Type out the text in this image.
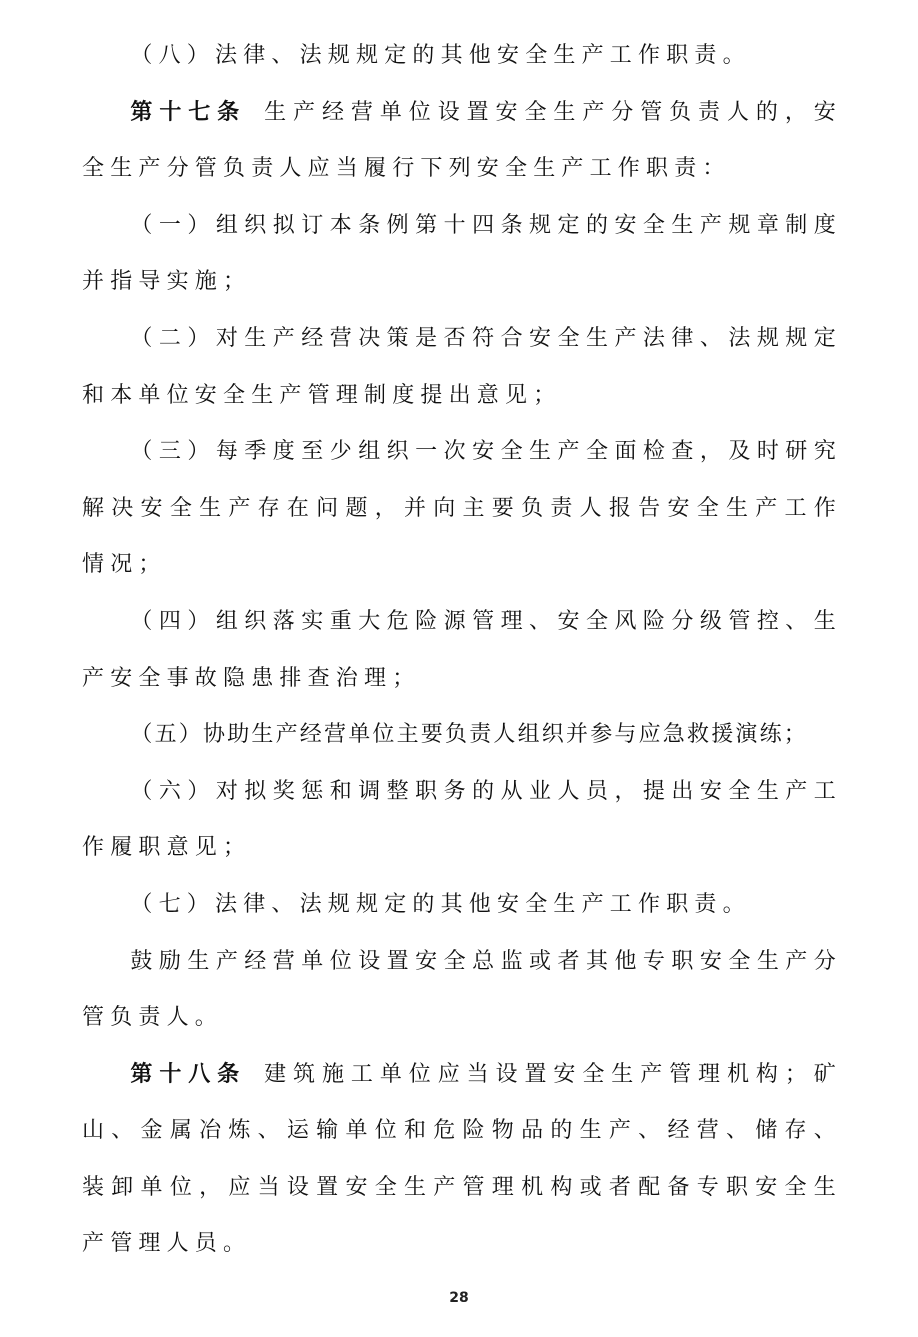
（八）法律、法规规定的其他安全生产工作职责。

第十七条 生产经营单位设置安全生产分管负责人的，安全生产分管负责人应当履行下列安全生产工作职责：

（一）组织拟订本条例第十四条规定的安全生产规章制度并指导实施；

（二）对生产经营决策是否符合安全生产法律、法规规定和本单位安全生产管理制度提出意见；

（三）每季度至少组织一次安全生产全面检查，及时研究解决安全生产存在问题，并向主要负责人报告安全生产工作情况；

（四）组织落实重大危险源管理、安全风险分级管控、生产安全事故隐患排查治理；

（五）协助生产经营单位主要负责人组织并参与应急救援演练；

（六）对拟奖惩和调整职务的从业人员，提出安全生产工作履职意见；

（七）法律、法规规定的其他安全生产工作职责。

鼓励生产经营单位设置安全总监或者其他专职安全生产分管负责人。

第十八条 建筑施工单位应当设置安全生产管理机构；矿山、金属冶炼、运输单位和危险物品的生产、经营、储存、装卸单位，应当设置安全生产管理机构或者配备专职安全生产管理人员。

28
